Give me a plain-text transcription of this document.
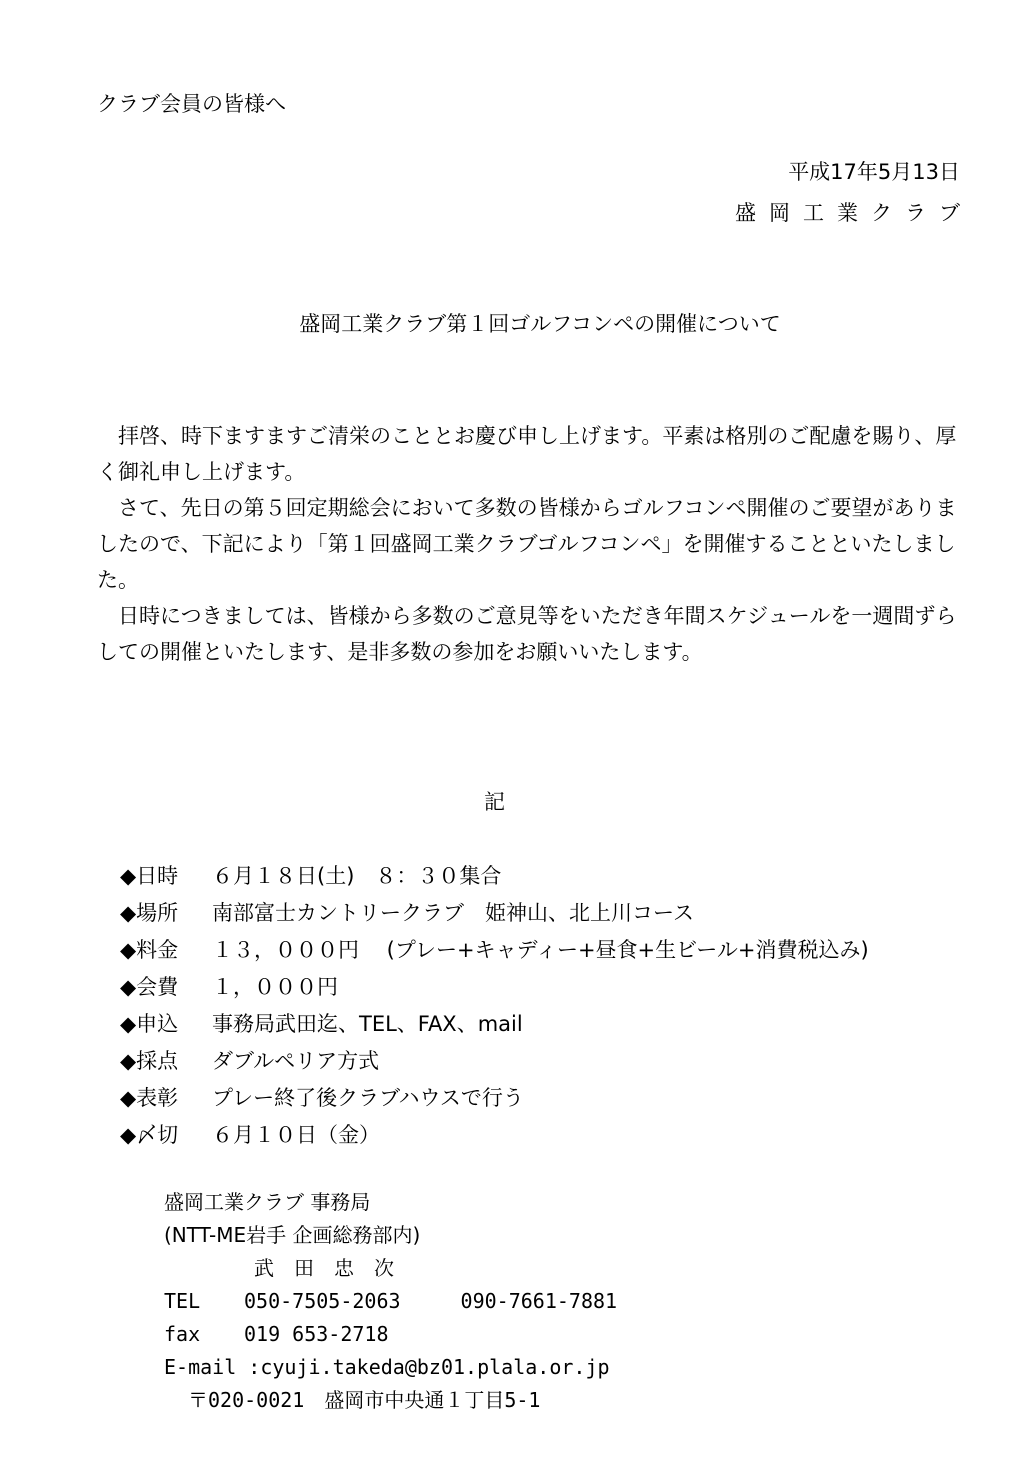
クラブ会員の皆様へ
平成17年5月13日
盛岡工業クラブ
盛岡工業クラブ第１回ゴルフコンペの開催について

拝啓、時下ますますご清栄のこととお慶び申し上げます。平素は格別のご配慮を賜り、厚く御礼申し上げます。

さて、先日の第５回定期総会において多数の皆様からゴルフコンペ開催のご要望がありましたので、下記により「第１回盛岡工業クラブゴルフコンペ」を開催することといたしました。

日時につきましては、皆様から多数のご意見等をいただき年間スケジュールを一週間ずらしての開催といたします、是非多数の参加をお願いいたします。

記
◆日時 ６月１８日(土)　８：３０集合
◆場所 南部富士カントリークラブ　姫神山、北上川コース
◆料金 １３，０００円　 (プレー+キャディー+昼食+生ビール+消費税込み)
◆会費 １，０００円
◆申込 事務局武田迄、TEL、FAX、mail
◆採点 ダブルペリア方式
◆表彰 プレー終了後クラブハウスで行う
◆〆切 ６月１０日（金）
盛岡工業クラブ 事務局
(NTT-ME岩手 企画総務部内)
武田忠次
TEL 050-7505-2063	090-7661-7881
fax 019 653-2718
E-mail :cyuji.takeda@bz01.plala.or.jp
〒020-0021　盛岡市中央通１丁目5-1
